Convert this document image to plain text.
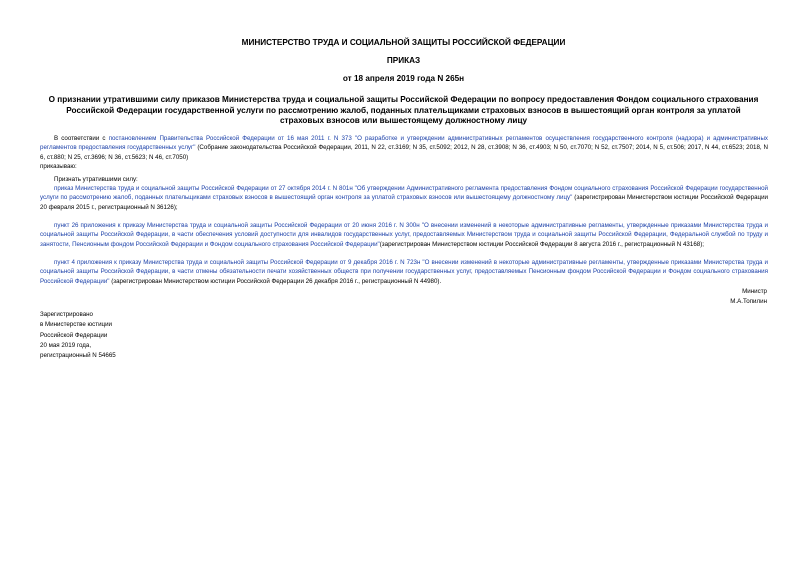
МИНИСТЕРСТВО ТРУДА И СОЦИАЛЬНОЙ ЗАЩИТЫ РОССИЙСКОЙ ФЕДЕРАЦИИ
ПРИКАЗ
от 18 апреля 2019 года N 265н
О признании утратившими силу приказов Министерства труда и социальной защиты Российской Федерации по вопросу предоставления Фондом социального страхования Российской Федерации государственной услуги по рассмотрению жалоб, поданных плательщиками страховых взносов в вышестоящий орган контроля за уплатой страховых взносов или вышестоящему должностному лицу

В соответствии с постановлением Правительства Российской Федерации от 16 мая 2011 г. N 373 "О разработке и утверждении административных регламентов осуществления государственного контроля (надзора) и административных регламентов предоставления государственных услуг" (Собрание законодательства Российской Федерации, 2011, N 22, ст.3169; N 35, ст.5092; 2012, N 28, ст.3908; N 36, ст.4903; N 50, ст.7070; N 52, ст.7507; 2014, N 5, ст.506; 2017, N 44, ст.6523; 2018, N 6, ст.880; N 25, ст.3696; N 36, ст.5623; N 46, ст.7050)

приказываю:

Признать утратившими силу:

приказ Министерства труда и социальной защиты Российской Федерации от 27 октября 2014 г. N 801н "Об утверждении Административного регламента предоставления Фондом социального страхования Российской Федерации государственной услуги по рассмотрению жалоб, поданных плательщиками страховых взносов в вышестоящий орган контроля за уплатой страховых взносов или вышестоящему должностному лицу" (зарегистрирован Министерством юстиции Российской Федерации 20 февраля 2015 г., регистрационный N 36126);

пункт 26 приложения к приказу Министерства труда и социальной защиты Российской Федерации от 20 июня 2016 г. N 300н "О внесении изменений в некоторые административные регламенты, утвержденные приказами Министерства труда и социальной защиты Российской Федерации, в части обеспечения условий доступности для инвалидов государственных услуг, предоставляемых Министерством труда и социальной защиты Российской Федерации, Федеральной службой по труду и занятости, Пенсионным фондом Российской Федерации и Фондом социального страхования Российской Федерации"(зарегистрирован Министерством юстиции Российской Федерации 8 августа 2016 г., регистрационный N 43168);

пункт 4 приложения к приказу Министерства труда и социальной защиты Российской Федерации от 9 декабря 2016 г. N 723н "О внесении изменений в некоторые административные регламенты, утвержденные приказами Министерства труда и социальной защиты Российской Федерации, в части отмены обязательности печати хозяйственных обществ при получении государственных услуг, предоставляемых Пенсионным фондом Российской Федерации и Фондом социального страхования Российской Федерации" (зарегистрирован Министерством юстиции Российской Федерации 26 декабря 2016 г., регистрационный N 44980).

Министр
М.А.Топилин
Зарегистрировано
в Министерстве юстиции
Российской Федерации
20 мая 2019 года,
регистрационный N 54665
